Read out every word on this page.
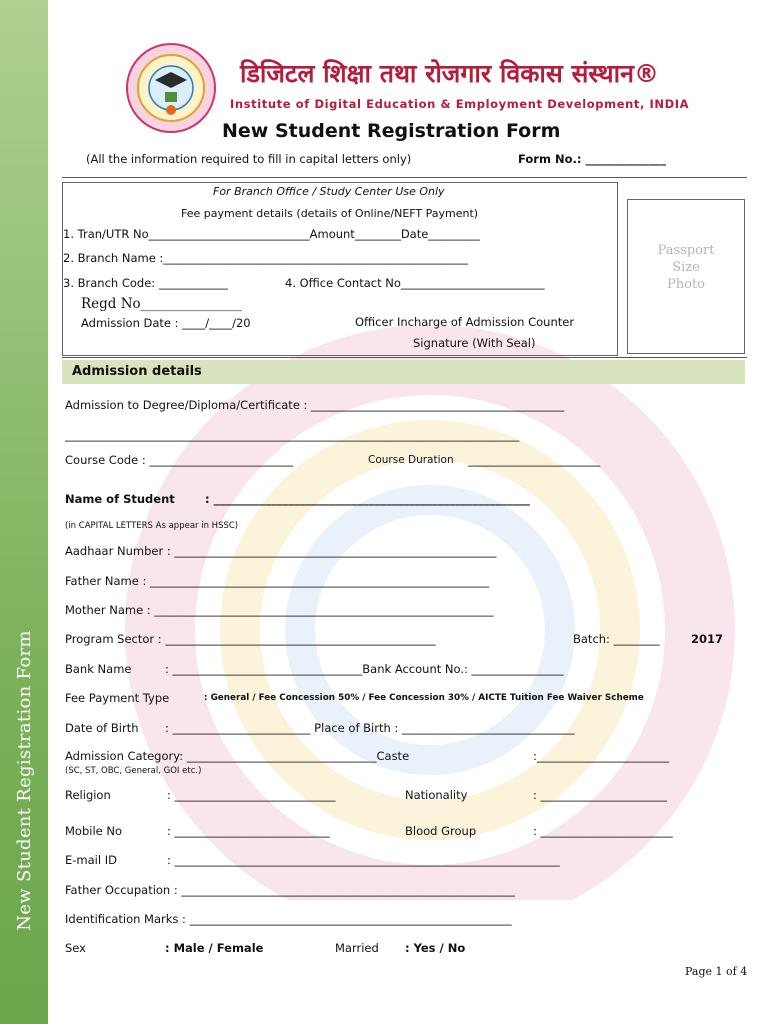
New Student Registration Form
डिजिटल शिक्षा तथा रोजगार विकास संस्थान®
Institute of Digital Education & Employment Development, INDIA
New Student Registration Form
(All the information required to fill in capital letters only)	Form No.: ______________
For Branch Office / Study Center Use Only
Fee payment details (details of Online/NEFT Payment)
1. Tran/UTR No____________________________Amount________Date_________
2. Branch Name :_____________________________________________________
3. Branch Code: ____________	4. Office Contact No_________________________
Regd No_______________
Admission Date : ____/____/20	Officer Incharge of Admission Counter
Signature (With Seal)
Passport
Size
Photo
Admission details
Admission to Degree/Diploma/Certificate : ____________________________________________
_______________________________________________________________________________
Course Code : _________________________	Course Duration _______________________
Name of Student	: _______________________________________________________
(in CAPITAL LETTERS As appear in HSSC)
Aadhaar Number : ________________________________________________________
Father Name : ___________________________________________________________
Mother Name : ___________________________________________________________
Program Sector : _______________________________________________	Batch: ________	2017
Bank Name	: _________________________________Bank Account No.: ________________
Fee Payment Type	: General / Fee Concession 50% / Fee Concession 30% / AICTE Tuition Fee Waiver Scheme
Date of Birth : ________________________ Place of Birth : ______________________________
Admission Category: _________________________________Caste	:_______________________
(SC, ST, OBC, General, GOI etc.)
Religion	: ____________________________	Nationality	: ______________________
Mobile No	: ___________________________	Blood Group	: _______________________
E-mail ID	: ___________________________________________________________________
Father Occupation : __________________________________________________________
Identification Marks : ________________________________________________________
Sex	: Male / Female	Married : Yes / No
Page 1 of 4
